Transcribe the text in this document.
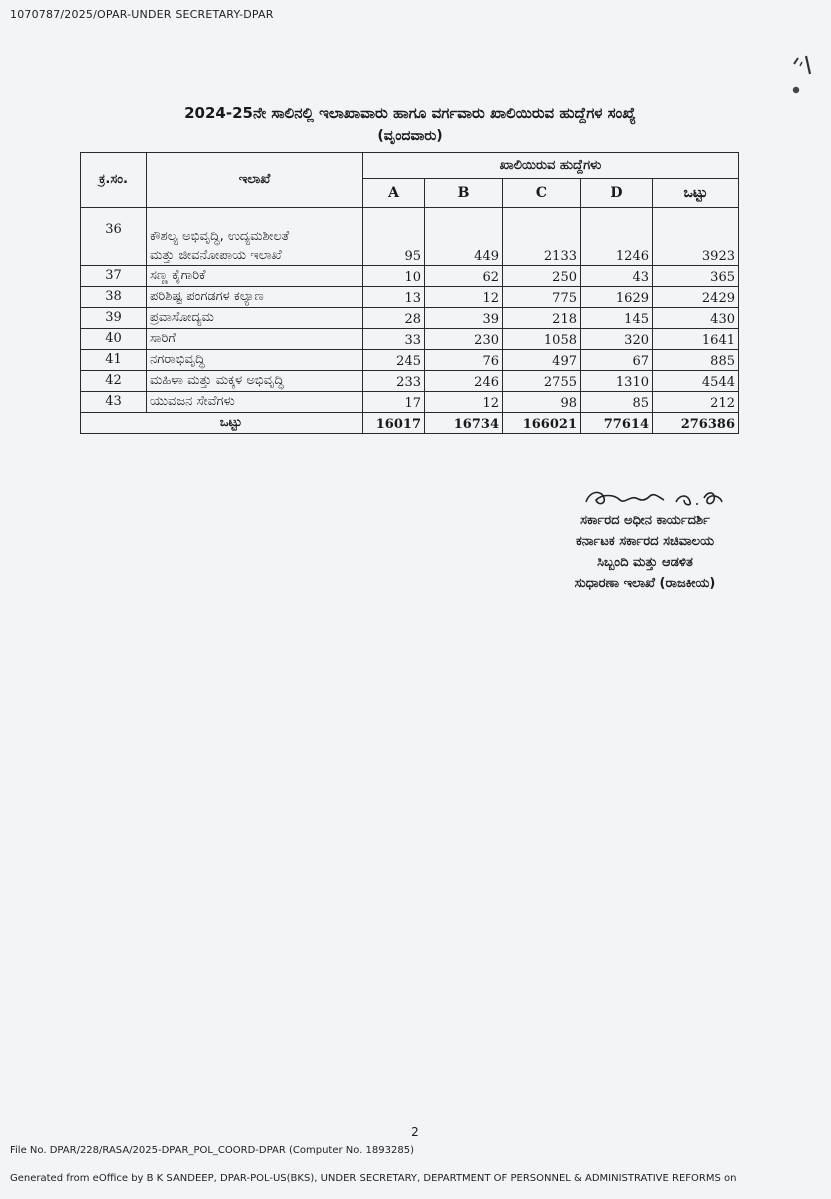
1070787/2025/OPAR-UNDER SECRETARY-DPAR
2024-25ನೇ ಸಾಲಿನಲ್ಲಿ ಇಲಾಖಾವಾರು ಹಾಗೂ ವರ್ಗವಾರು ಖಾಲಿಯಿರುವ ಹುದ್ದೆಗಳ ಸಂಖ್ಯೆ
(ವೃಂದವಾರು)
ಕ್ರ.ಸಂ.	ಇಲಾಖೆ	ಖಾಲಿಯಿರುವ ಹುದ್ದೆಗಳು				
		A	B	C	D	ಒಟ್ಟು
36	ಕೌಶಲ್ಯ ಅಭಿವೃದ್ಧಿ, ಉದ್ಯಮಶೀಲತೆ
ಮತ್ತು ಜೀವನೋಪಾಯ ಇಲಾಖೆ	95	449	2133	1246	3923
37	ಸಣ್ಣ ಕೈಗಾರಿಕೆ	10	62	250	43	365
38	ಪರಿಶಿಷ್ಟ ಪಂಗಡಗಳ ಕಲ್ಯಾಣ	13	12	775	1629	2429
39	ಪ್ರವಾಸೋದ್ಯಮ	28	39	218	145	430
40	ಸಾರಿಗೆ	33	230	1058	320	1641
41	ನಗರಾಭಿವೃದ್ಧಿ	245	76	497	67	885
42	ಮಹಿಳಾ ಮತ್ತು ಮಕ್ಕಳ ಅಭಿವೃದ್ಧಿ	233	246	2755	1310	4544
43	ಯುವಜನ ಸೇವೆಗಳು	17	12	98	85	212
ಒಟ್ಟು		16017	16734	166021	77614	276386
ಸರ್ಕಾರದ ಅಧೀನ ಕಾರ್ಯದರ್ಶಿ
ಕರ್ನಾಟಕ ಸರ್ಕಾರದ ಸಚಿವಾಲಯ
ಸಿಬ್ಬಂದಿ ಮತ್ತು ಆಡಳಿತ
ಸುಧಾರಣಾ ಇಲಾಖೆ (ರಾಜಕೀಯ)
2
File No. DPAR/228/RASA/2025-DPAR_POL_COORD-DPAR (Computer No. 1893285)
Generated from eOffice by B K SANDEEP, DPAR-POL-US(BKS), UNDER SECRETARY, DEPARTMENT OF PERSONNEL & ADMINISTRATIVE REFORMS on
